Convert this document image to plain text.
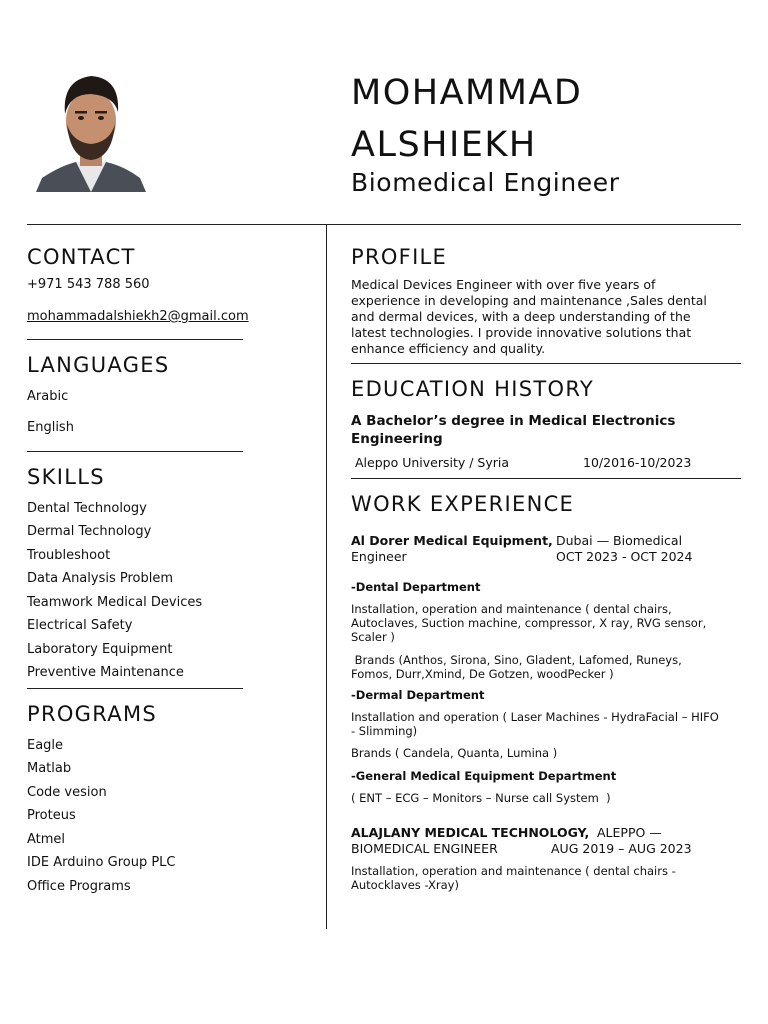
MOHAMMAD
ALSHIEKH
Biomedical Engineer
CONTACT
+971 543 788 560
mohammadalshiekh2@gmail.com
LANGUAGES
Arabic
English
SKILLS
Dental Technology
Dermal Technology
Troubleshoot
Data Analysis Problem
Teamwork Medical Devices
Electrical Safety
Laboratory Equipment
Preventive Maintenance
PROGRAMS
Eagle
Matlab
Code vesion
Proteus
Atmel
IDE Arduino Group PLC
Office Programs
PROFILE
Medical Devices Engineer with over five years of
experience in developing and maintenance ,Sales dental
and dermal devices, with a deep understanding of the
latest technologies. I provide innovative solutions that
enhance efficiency and quality.
EDUCATION HISTORY
A Bachelor’s degree in Medical Electronics
Engineering
Aleppo University / Syria	10/2016-10/2023
WORK EXPERIENCE
Al Dorer Medical Equipment, Dubai — Biomedical
Engineer	OCT 2023 - OCT 2024
-Dental Department
Installation, operation and maintenance ( dental chairs,
Autoclaves, Suction machine, compressor, X ray, RVG sensor,
Scaler )
Brands (Anthos, Sirona, Sino, Gladent, Lafomed, Runeys,
Fomos, Durr,Xmind, De Gotzen, woodPecker )
-Dermal Department
Installation and operation ( Laser Machines - HydraFacial – HIFO
- Slimming)
Brands ( Candela, Quanta, Lumina )
-General Medical Equipment Department
( ENT – ECG – Monitors – Nurse call System  )
ALAJLANY MEDICAL TECHNOLOGY, ALEPPO —
BIOMEDICAL ENGINEER	AUG 2019 – AUG 2023
Installation, operation and maintenance ( dental chairs -
Autocklaves -Xray)
